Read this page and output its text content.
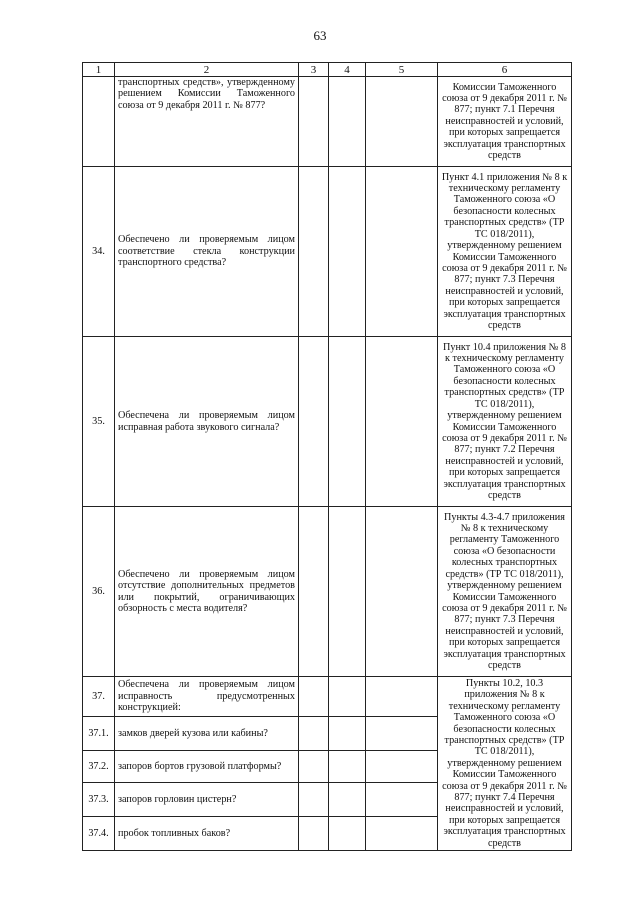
63
1	2	3	4	5	6
	транспортных средств», утвержденному решением Комиссии Таможенного союза от 9 декабря 2011 г. № 877?				Комиссии Таможенного союза от 9 декабря 2011 г. № 877; пункт 7.1 Перечня неисправностей и условий, при которых запрещается эксплуатация транспортных средств
34.	Обеспечено ли проверяемым лицом соответствие стекла конструкции транспортного средства?				Пункт 4.1 приложения № 8 к техническому регламенту Таможенного союза «О безопасности колесных транспортных средств» (ТР ТС 018/2011), утвержденному решением Комиссии Таможенного союза от 9 декабря 2011 г. № 877; пункт 7.3 Перечня неисправностей и условий, при которых запрещается эксплуатация транспортных средств
35.	Обеспечена ли проверяемым лицом исправная работа звукового сигнала?				Пункт 10.4 приложения № 8 к техническому регламенту Таможенного союза «О безопасности колесных транспортных средств» (ТР ТС 018/2011), утвержденному решением Комиссии Таможенного союза от 9 декабря 2011 г. № 877; пункт 7.2 Перечня неисправностей и условий, при которых запрещается эксплуатация транспортных средств
36.	Обеспечено ли проверяемым лицом отсутствие дополнительных предметов или покрытий, ограничивающих обзорность с места водителя?				Пункты 4.3-4.7 приложения № 8 к техническому регламенту Таможенного союза «О безопасности колесных транспортных средств» (ТР ТС 018/2011), утвержденному решением Комиссии Таможенного союза от 9 декабря 2011 г. № 877; пункт 7.3 Перечня неисправностей и условий, при которых запрещается эксплуатация транспортных средств
37.	Обеспечена ли проверяемым лицом исправность предусмотренных конструкцией:				Пункты 10.2, 10.3 приложения № 8 к техническому регламенту Таможенного союза «О безопасности колесных транспортных средств» (ТР ТС 018/2011), утвержденному решением Комиссии Таможенного союза от 9 декабря 2011 г. № 877; пункт 7.4 Перечня неисправностей и условий, при которых запрещается эксплуатация транспортных средств
37.1.	замков дверей кузова или кабины?				
37.2.	запоров бортов грузовой платформы?				
37.3.	запоров горловин цистерн?				
37.4.	пробок топливных баков?				
